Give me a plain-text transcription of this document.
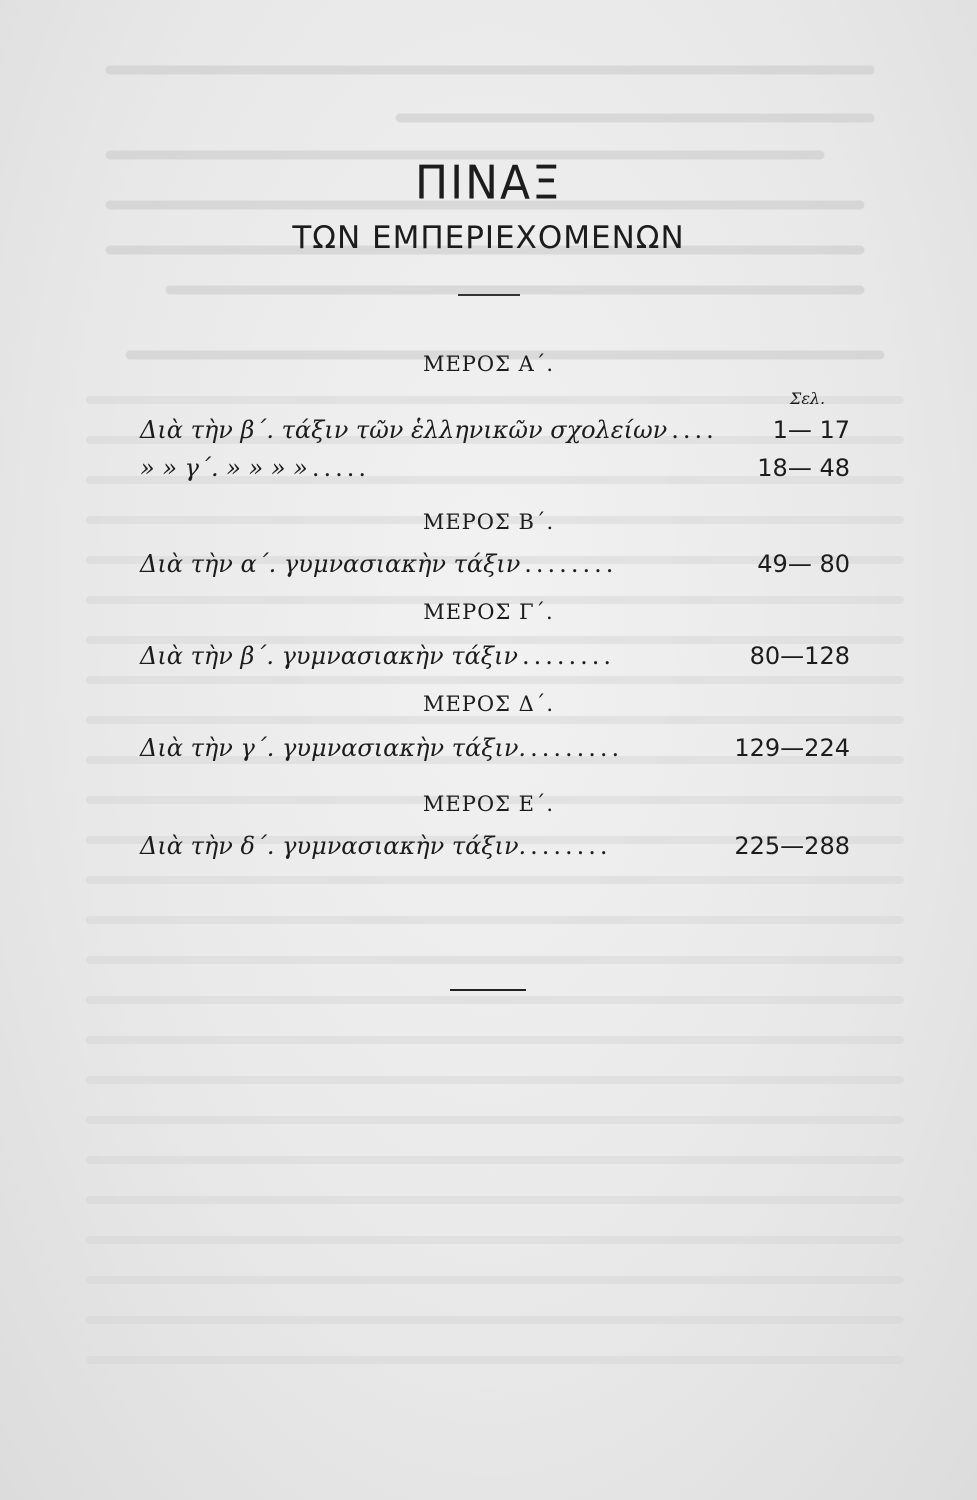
ΠΙΝΑΞ
ΤΩΝ ΕΜΠΕΡΙΕΧΟΜΕΝΩΝ
ΜΕΡΟΣ Α΄.
Σελ.
Διὰ τὴν β΄. τάξιν τῶν ἑλληνικῶν σχολείων ....	1— 17
» » γ΄. » » » » .....	18— 48
ΜΕΡΟΣ Β΄.
Διὰ τὴν α΄. γυμνασιακὴν τάξιν ........	49— 80
ΜΕΡΟΣ Γ΄.
Διὰ τὴν β΄. γυμνασιακὴν τάξιν ........	80—128
ΜΕΡΟΣ Δ΄.
Διὰ τὴν γ΄. γυμνασιακὴν τάξιν. ........	129—224
ΜΕΡΟΣ Ε΄.
Διὰ τὴν δ΄. γυμνασιακὴν τάξιν. .......	225—288
